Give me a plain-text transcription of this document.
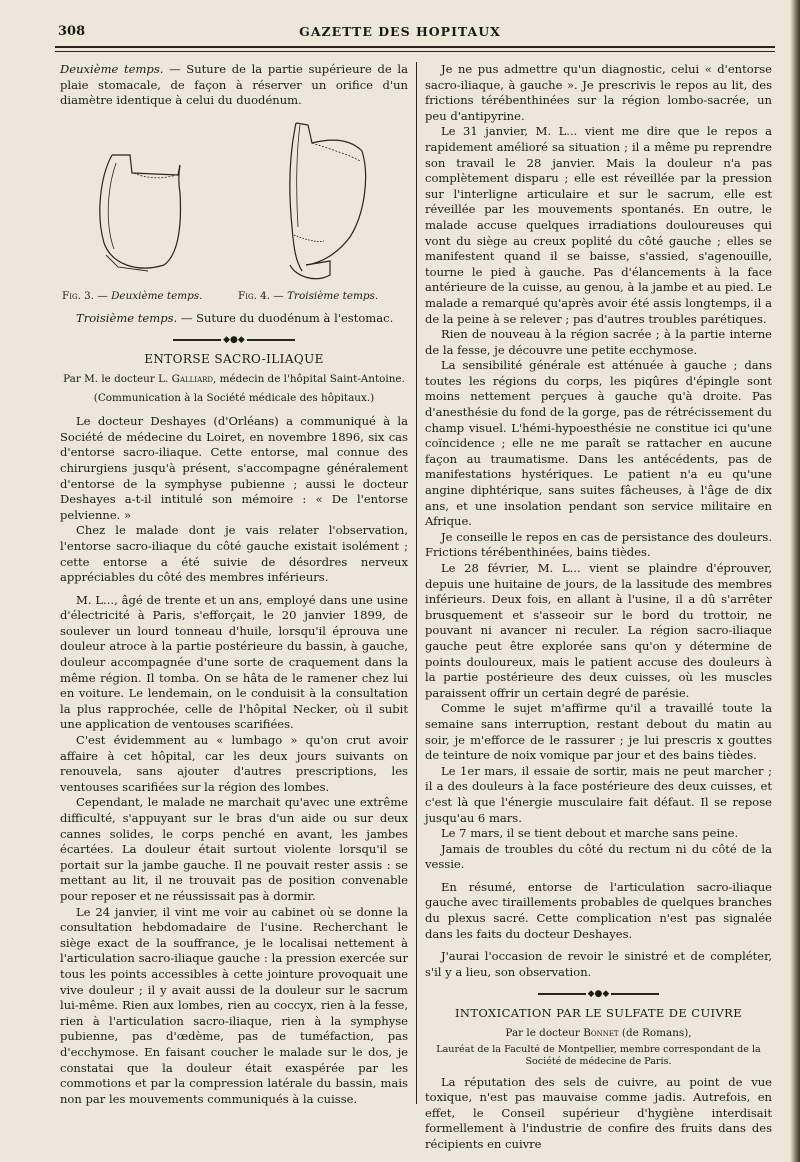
308	GAZETTE DES HOPITAUX

Deuxième temps. — Suture de la partie supérieure de la plaie stomacale, de façon à réserver un orifice d'un diamètre identique à celui du duodénum.

Fig. 3. — Deuxième temps.	Fig. 4. — Troisième temps.

Troisième temps. — Suture du duodénum à l'estomac.

◆●◆
ENTORSE SACRO-ILIAQUE
Par M. le docteur L. Galliard, médecin de l'hôpital Saint-Antoine.
(Communication à la Société médicale des hôpitaux.)

Le docteur Deshayes (d'Orléans) a communiqué à la Société de médecine du Loiret, en novembre 1896, six cas d'entorse sacro-iliaque. Cette entorse, mal connue des chirurgiens jusqu'à présent, s'accompagne généralement d'entorse de la symphyse pubienne ; aussi le docteur Deshayes a-t-il intitulé son mémoire : « De l'entorse pelvienne. »

Chez le malade dont je vais relater l'observation, l'entorse sacro-iliaque du côté gauche existait isolément ; cette entorse a été suivie de désordres nerveux appréciables du côté des membres inférieurs.

M. L..., âgé de trente et un ans, employé dans une usine d'électricité à Paris, s'efforçait, le 20 janvier 1899, de soulever un lourd tonneau d'huile, lorsqu'il éprouva une douleur atroce à la partie postérieure du bassin, à gauche, douleur accompagnée d'une sorte de craquement dans la même région. Il tomba. On se hâta de le ramener chez lui en voiture. Le lendemain, on le conduisit à la consultation la plus rapprochée, celle de l'hôpital Necker, où il subit une application de ventouses scarifiées.

C'est évidemment au « lumbago » qu'on crut avoir affaire à cet hôpital, car les deux jours suivants on renouvela, sans ajouter d'autres prescriptions, les ventouses scarifiées sur la région des lombes.

Cependant, le malade ne marchait qu'avec une extrême difficulté, s'appuyant sur le bras d'un aide ou sur deux cannes solides, le corps penché en avant, les jambes écartées. La douleur était surtout violente lorsqu'il se portait sur la jambe gauche. Il ne pouvait rester assis : se mettant au lit, il ne trouvait pas de position convenable pour reposer et ne réussissait pas à dormir.

Le 24 janvier, il vint me voir au cabinet où se donne la consultation hebdomadaire de l'usine. Recherchant le siège exact de la souffrance, je le localisai nettement à l'articulation sacro-iliaque gauche : la pression exercée sur tous les points accessibles à cette jointure provoquait une vive douleur ; il y avait aussi de la douleur sur le sacrum lui-même. Rien aux lombes, rien au coccyx, rien à la fesse, rien à l'articulation sacro-iliaque, rien à la symphyse pubienne, pas d'œdème, pas de tuméfaction, pas d'ecchymose. En faisant coucher le malade sur le dos, je constatai que la douleur était exaspérée par les commotions et par la compression latérale du bassin, mais non par les mouvements communiqués à la cuisse.

Je ne pus admettre qu'un diagnostic, celui « d'entorse sacro-iliaque, à gauche ». Je prescrivis le repos au lit, des frictions térébenthinées sur la région lombo-sacrée, un peu d'antipyrine.

Le 31 janvier, M. L... vient me dire que le repos a rapidement amélioré sa situation ; il a même pu reprendre son travail le 28 janvier. Mais la douleur n'a pas complètement disparu ; elle est réveillée par la pression sur l'interligne articulaire et sur le sacrum, elle est réveillée par les mouvements spontanés. En outre, le malade accuse quelques irradiations douloureuses qui vont du siège au creux poplité du côté gauche ; elles se manifestent quand il se baisse, s'assied, s'agenouille, tourne le pied à gauche. Pas d'élancements à la face antérieure de la cuisse, au genou, à la jambe et au pied. Le malade a remarqué qu'après avoir été assis longtemps, il a de la peine à se relever ; pas d'autres troubles parétiques.

Rien de nouveau à la région sacrée ; à la partie interne de la fesse, je découvre une petite ecchymose.

La sensibilité générale est atténuée à gauche ; dans toutes les régions du corps, les piqûres d'épingle sont moins nettement perçues à gauche qu'à droite. Pas d'anesthésie du fond de la gorge, pas de rétrécissement du champ visuel. L'hémi-hypoesthésie ne constitue ici qu'une coïncidence ; elle ne me paraît se rattacher en aucune façon au traumatisme. Dans les antécédents, pas de manifestations hystériques. Le patient n'a eu qu'une angine diphtérique, sans suites fâcheuses, à l'âge de dix ans, et une insolation pendant son service militaire en Afrique.

Je conseille le repos en cas de persistance des douleurs. Frictions térébenthinées, bains tièdes.

Le 28 février, M. L... vient se plaindre d'éprouver, depuis une huitaine de jours, de la lassitude des membres inférieurs. Deux fois, en allant à l'usine, il a dû s'arrêter brusquement et s'asseoir sur le bord du trottoir, ne pouvant ni avancer ni reculer. La région sacro-iliaque gauche peut être explorée sans qu'on y détermine de points douloureux, mais le patient accuse des douleurs à la partie postérieure des deux cuisses, où les muscles paraissent offrir un certain degré de parésie.

Comme le sujet m'affirme qu'il a travaillé toute la semaine sans interruption, restant debout du matin au soir, je m'efforce de le rassurer ; je lui prescris x gouttes de teinture de noix vomique par jour et des bains tièdes.

Le 1er mars, il essaie de sortir, mais ne peut marcher ; il a des douleurs à la face postérieure des deux cuisses, et c'est là que l'énergie musculaire fait défaut. Il se repose jusqu'au 6 mars.

Le 7 mars, il se tient debout et marche sans peine.

Jamais de troubles du côté du rectum ni du côté de la vessie.

En résumé, entorse de l'articulation sacro-iliaque gauche avec tiraillements probables de quelques branches du plexus sacré. Cette complication n'est pas signalée dans les faits du docteur Deshayes.

J'aurai l'occasion de revoir le sinistré et de compléter, s'il y a lieu, son observation.

◆●◆
INTOXICATION PAR LE SULFATE DE CUIVRE
Par le docteur Bonnet (de Romans),
Lauréat de la Faculté de Montpellier, membre correspondant de la Société de médecine de Paris.

La réputation des sels de cuivre, au point de vue toxique, n'est pas mauvaise comme jadis. Autrefois, en effet, le Conseil supérieur d'hygiène interdisait formellement à l'industrie de confire des fruits dans des récipients en cuivre
